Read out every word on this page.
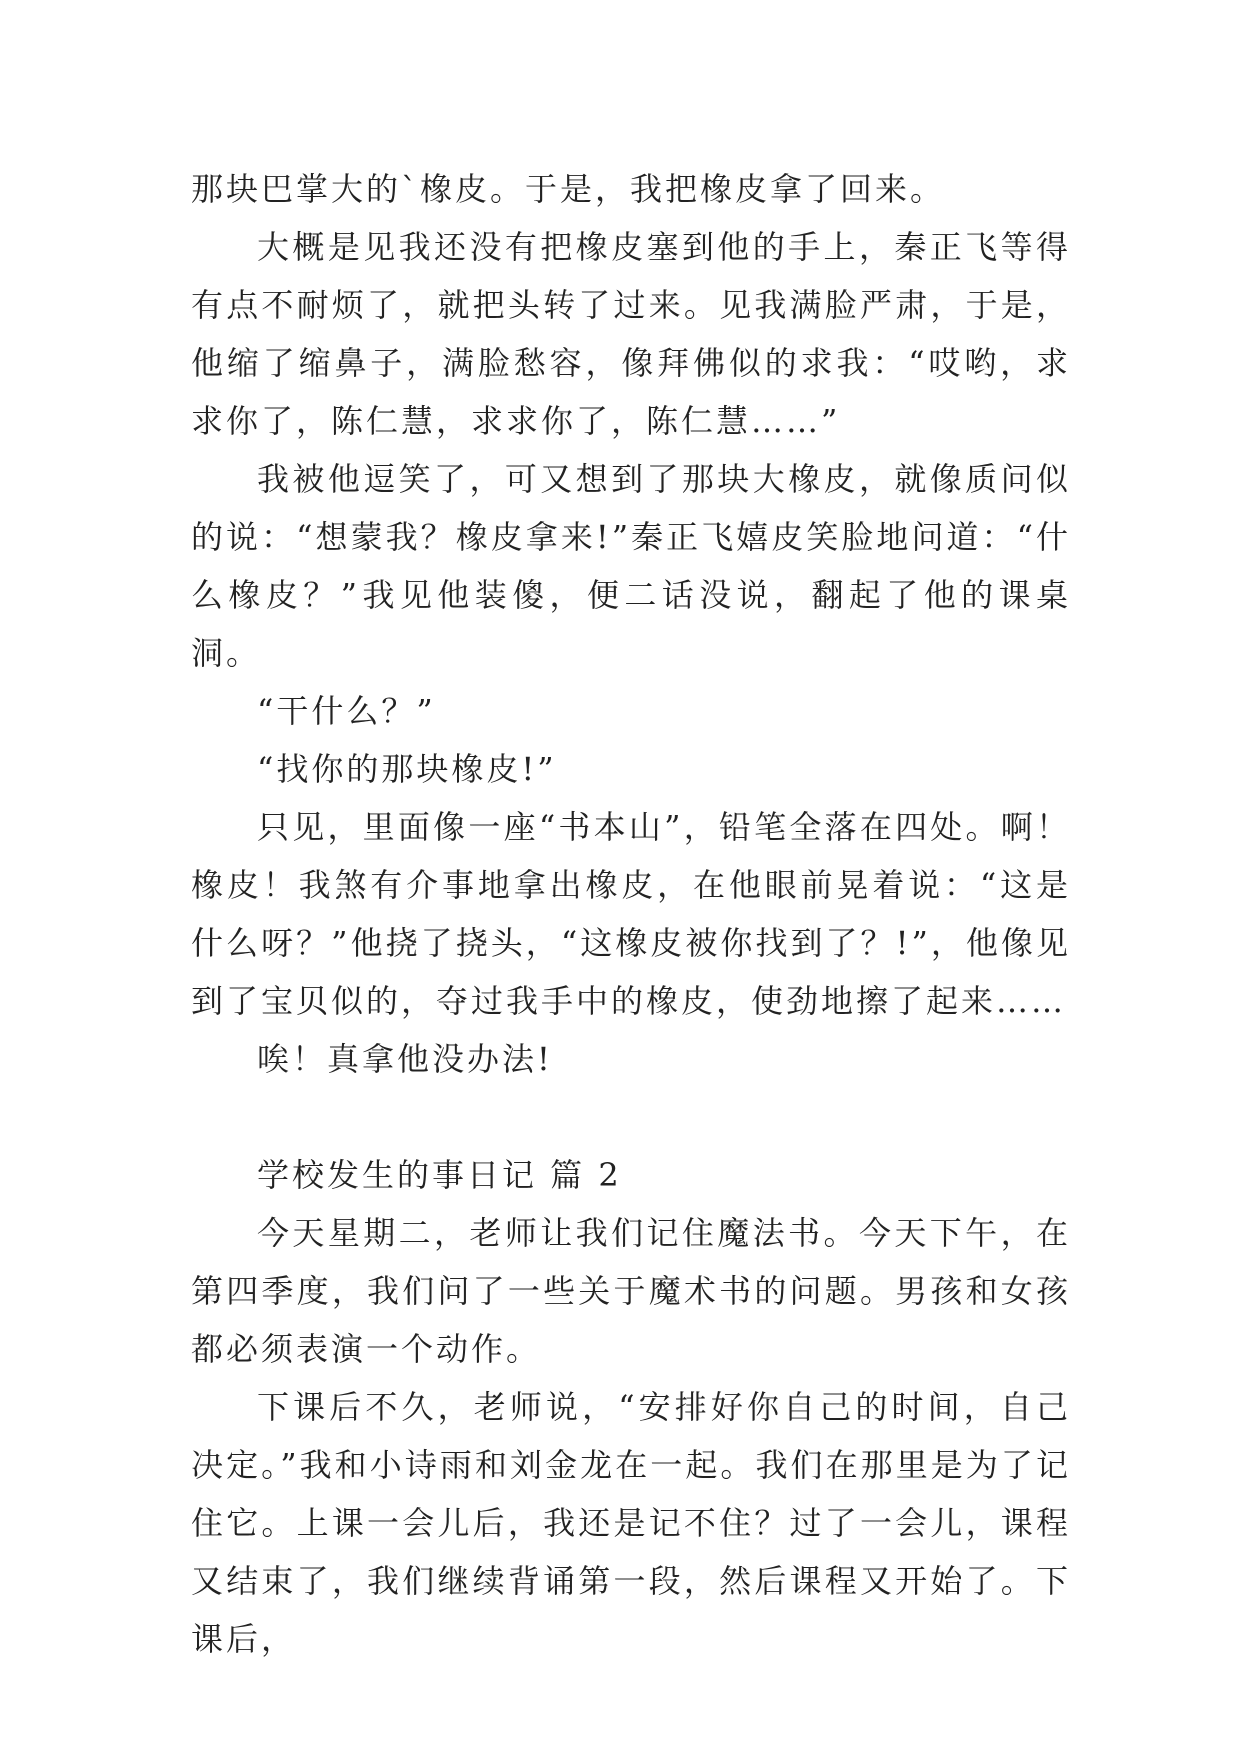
那块巴掌大的`橡皮。于是，我把橡皮拿了回来。

大概是见我还没有把橡皮塞到他的手上，秦正飞等得有点不耐烦了，就把头转了过来。见我满脸严肃，于是，他缩了缩鼻子，满脸愁容，像拜佛似的求我：“哎哟，求求你了，陈仁慧，求求你了，陈仁慧……”

我被他逗笑了，可又想到了那块大橡皮，就像质问似的说：“想蒙我？橡皮拿来!”秦正飞嬉皮笑脸地问道：“什么橡皮？”我见他装傻，便二话没说，翻起了他的课桌洞。

“干什么？”

“找你的那块橡皮!”

只见，里面像一座“书本山”，铅笔全落在四处。啊！橡皮！我煞有介事地拿出橡皮，在他眼前晃着说：“这是什么呀？”他挠了挠头，“这橡皮被你找到了？!”，他像见到了宝贝似的，夺过我手中的橡皮，使劲地擦了起来……

唉！真拿他没办法!

学校发生的事日记 篇 2

今天星期二，老师让我们记住魔法书。今天下午，在第四季度，我们问了一些关于魔术书的问题。男孩和女孩都必须表演一个动作。

下课后不久，老师说，“安排好你自己的时间，自己决定。”我和小诗雨和刘金龙在一起。我们在那里是为了记住它。上课一会儿后，我还是记不住？过了一会儿，课程又结束了，我们继续背诵第一段，然后课程又开始了。下课后，
